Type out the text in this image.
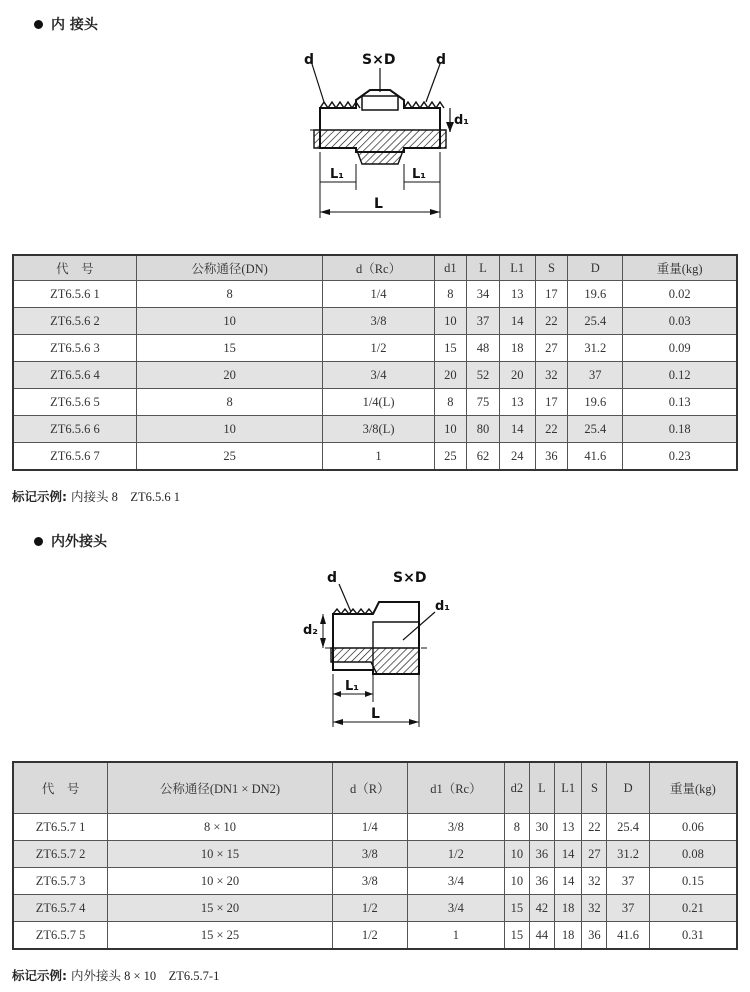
内 接头
d	S×D	d
d₁
L₁	L₁
L
代　号	公称通径(DN)	d（Rc）	d1	L	L1	S	D	重量(kg)
ZT6.5.6 1	8	1/4	8	34	13	17	19.6	0.02
ZT6.5.6 2	10	3/8	10	37	14	22	25.4	0.03
ZT6.5.6 3	15	1/2	15	48	18	27	31.2	0.09
ZT6.5.6 4	20	3/4	20	52	20	32	37	0.12
ZT6.5.6 5	8	1/4(L)	8	75	13	17	19.6	0.13
ZT6.5.6 6	10	3/8(L)	10	80	14	22	25.4	0.18
ZT6.5.6 7	25	1	25	62	24	36	41.6	0.23
标记示例: 内接头 8　ZT6.5.6 1
内外接头
d	S×D
d₂
d₁
L₁
L
代　号	公称通径(DN1 × DN2)	d（R）	d1（Rc）	d2	L	L1	S	D	重量(kg)
ZT6.5.7 1	8 × 10	1/4	3/8	8	30	13	22	25.4	0.06
ZT6.5.7 2	10 × 15	3/8	1/2	10	36	14	27	31.2	0.08
ZT6.5.7 3	10 × 20	3/8	3/4	10	36	14	32	37	0.15
ZT6.5.7 4	15 × 20	1/2	3/4	15	42	18	32	37	0.21
ZT6.5.7 5	15 × 25	1/2	1	15	44	18	36	41.6	0.31
标记示例: 内外接头 8 × 10　ZT6.5.7-1
